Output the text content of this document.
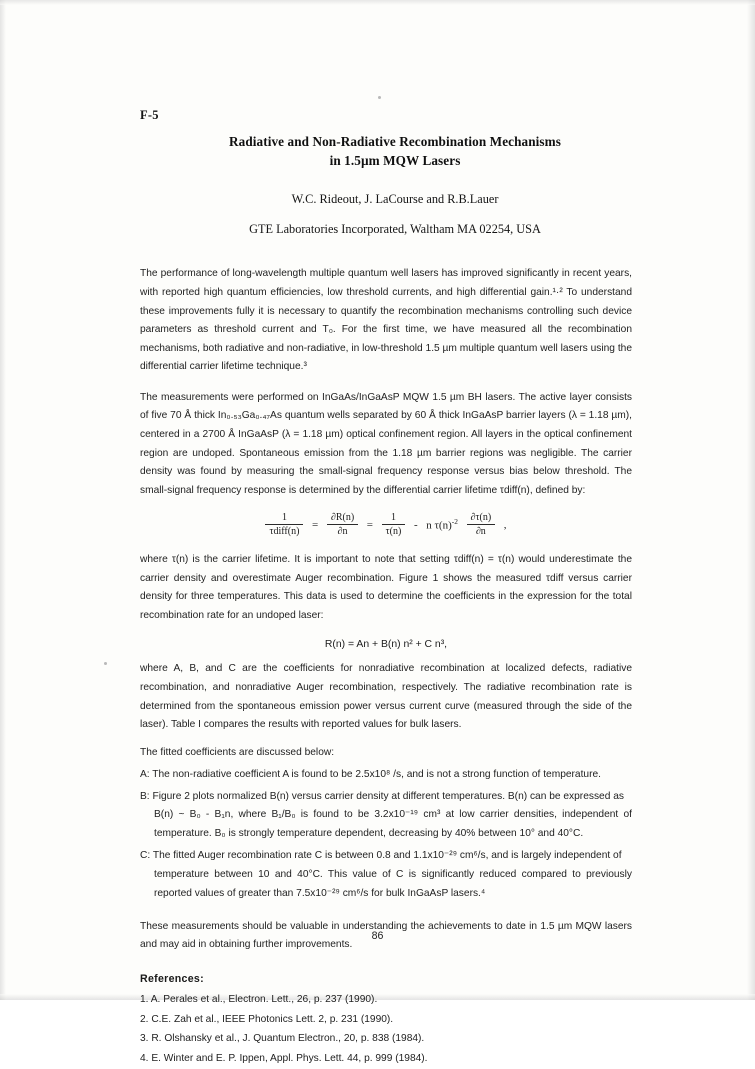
F-5
Radiative and Non-Radiative Recombination Mechanisms
in 1.5µm MQW Lasers
W.C. Rideout, J. LaCourse and R.B.Lauer
GTE Laboratories Incorporated, Waltham MA 02254, USA

The performance of long-wavelength multiple quantum well lasers has improved significantly in recent years, with reported high quantum efficiencies, low threshold currents, and high differential gain.¹·² To understand these improvements fully it is necessary to quantify the recombination mechanisms controlling such device parameters as threshold current and T₀. For the first time, we have measured all the recombination mechanisms, both radiative and non-radiative, in low-threshold 1.5 µm multiple quantum well lasers using the differential carrier lifetime technique.³

The measurements were performed on InGaAs/InGaAsP MQW 1.5 µm BH lasers. The active layer consists of five 70 Å thick In₀.₅₃Ga₀.₄₇As quantum wells separated by 60 Å thick InGaAsP barrier layers (λ = 1.18 µm), centered in a 2700 Å InGaAsP (λ = 1.18 µm) optical confinement region. All layers in the optical confinement region are undoped. Spontaneous emission from the 1.18 µm barrier regions was negligible. The carrier density was found by measuring the small-signal frequency response versus bias below threshold. The small-signal frequency response is determined by the differential carrier lifetime τdiff(n), defined by:

$\frac{1}{\text{τdiff(n)}} = \frac{\partial R(n)}{\partial n} = \frac{1}{\tau(n)} - n$ $\tau(n)^{-2} \frac{\partial\tau(n)}{\partial n}$ ,

where τ(n) is the carrier lifetime. It is important to note that setting τdiff(n) = τ(n) would underestimate the carrier density and overestimate Auger recombination. Figure 1 shows the measured τdiff versus carrier density for three temperatures. This data is used to determine the coefficients in the expression for the total recombination rate for an undoped laser:

R(n) = An + B(n) n² + C n³,

where A, B, and C are the coefficients for nonradiative recombination at localized defects, radiative recombination, and nonradiative Auger recombination, respectively. The radiative recombination rate is determined from the spontaneous emission power versus current curve (measured through the side of the laser). Table I compares the results with reported values for bulk lasers.

The fitted coefficients are discussed below:

A: The non-radiative coefficient A is found to be 2.5x10⁸ /s, and is not a strong function of temperature.
B: Figure 2 plots normalized B(n) versus carrier density at different temperatures. B(n) can be expressed as
B(n) ~ B₀ - B₁n, where B₁/B₀ is found to be 3.2x10⁻¹⁹ cm³ at low carrier densities, independent of temperature. B₀ is strongly temperature dependent, decreasing by 40% between 10° and 40°C.
C: The fitted Auger recombination rate C is between 0.8 and 1.1x10⁻²⁹ cm⁶/s, and is largely independent of
temperature between 10 and 40°C. This value of C is significantly reduced compared to previously reported values of greater than 7.5x10⁻²⁹ cm⁶/s for bulk InGaAsP lasers.⁴

These measurements should be valuable in understanding the achievements to date in 1.5 µm MQW lasers and may aid in obtaining further improvements.

References:
1. A. Perales et al., Electron. Lett., 26, p. 237 (1990).
2. C.E. Zah et al., IEEE Photonics Lett. 2, p. 231 (1990).
3. R. Olshansky et al., J. Quantum Electron., 20, p. 838 (1984).
4. E. Winter and E. P. Ippen, Appl. Phys. Lett. 44, p. 999 (1984).
86
